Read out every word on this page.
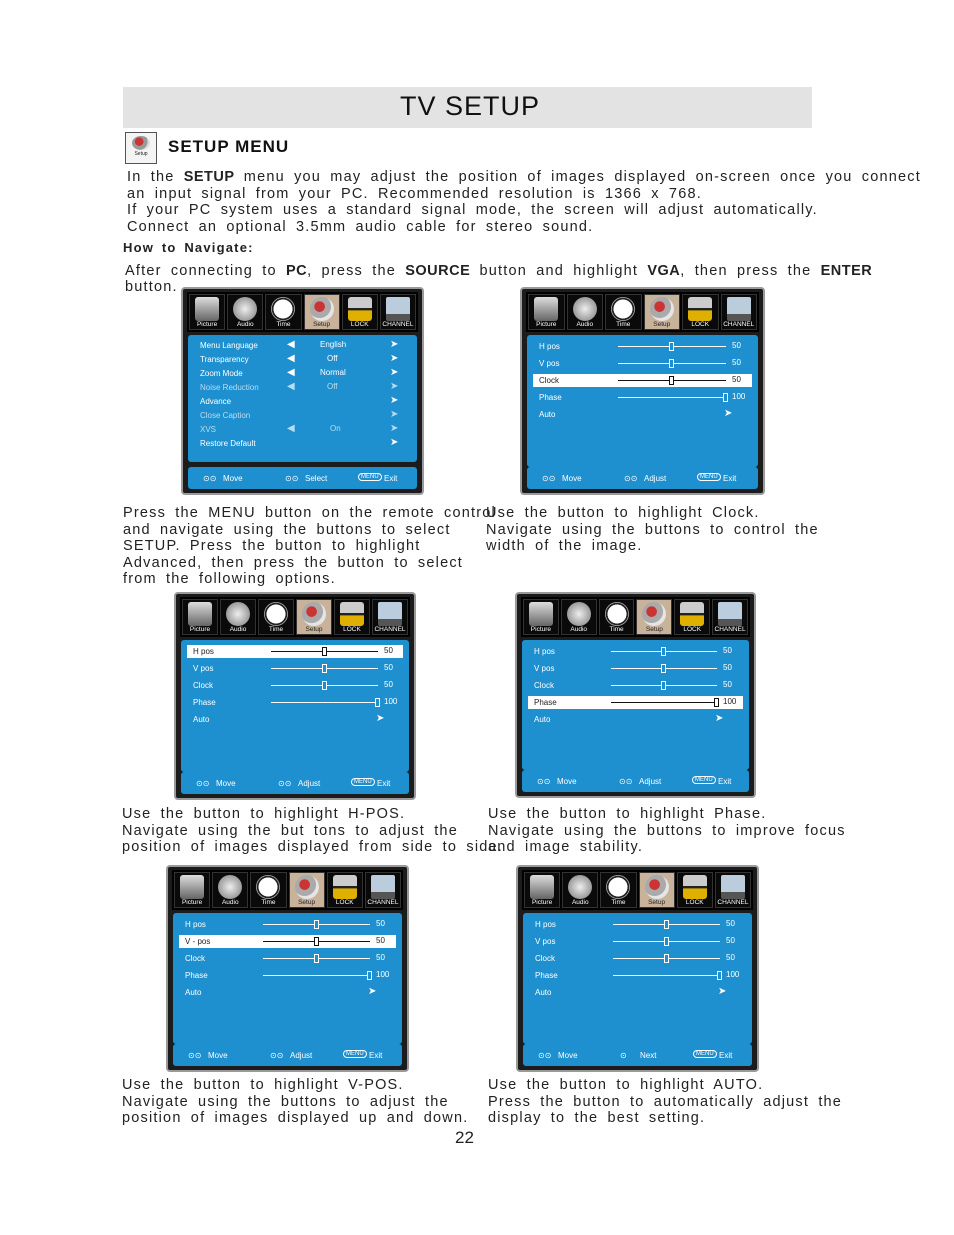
TV SETUP
Setup	SETUP MENU
In the SETUP menu you may adjust the position of images displayed on-screen once you connect
an input signal from your PC. Recommended resolution is 1366 x 768.
If your PC system uses a standard signal mode, the screen will adjust automatically.
Connect an optional 3.5mm audio cable for stereo sound.
How to Navigate:
After connecting to PC, press the SOURCE button and highlight VGA, then press the ENTER
button.
Picture	Audio	Time	Setup	LOCK	CHANNEL
Menu Language	◀	English	➤
Transparency	◀	Off	➤
Zoom Mode	◀	Normal	➤
Noise Reduction	◀	Off	➤
Advance	➤
Close Caption	➤
XVS	◀	On	➤
Restore Default	➤
⊙⊙ Move	⊙⊙ Select	MENU Exit
Picture	Audio	Time	Setup	LOCK	CHANNEL
H pos	50
V pos	50
Clock	50
Phase	100
Auto	➤
⊙⊙ Move	⊙⊙ Adjust	MENU Exit
Picture	Audio	Time	Setup	LOCK	CHANNEL
H pos	50
V pos	50
Clock	50
Phase	100
Auto	➤
⊙⊙ Move	⊙⊙ Adjust	MENU Exit
Picture	Audio	Time	Setup	LOCK	CHANNEL
H pos	50
V pos	50
Clock	50
Phase	100
Auto	➤
⊙⊙ Move	⊙⊙ Adjust	MENU Exit
Picture	Audio	Time	Setup	LOCK	CHANNEL
H pos	50
V - pos	50
Clock	50
Phase	100
Auto	➤
⊙⊙ Move	⊙⊙ Adjust	MENU Exit
Picture	Audio	Time	Setup	LOCK	CHANNEL
H pos	50
V pos	50
Clock	50
Phase	100
Auto	➤
⊙⊙ Move	⊙ Next	MENU Exit
Press the MENU button on the remote control
and navigate using the buttons to select
SETUP. Press the button to highlight
Advanced, then press the button to select
from the following options.
Use the button to highlight Clock.
Navigate using the buttons to control the
width of the image.
Use the button to highlight H-POS.
Navigate using the but tons to adjust the
position of images displayed from side to side.
Use the button to highlight Phase.
Navigate using the buttons to improve focus
and image stability.
Use the button to highlight V-POS.
Navigate using the buttons to adjust the
position of images displayed up and down.
Use the button to highlight AUTO.
Press the button to automatically adjust the
display to the best setting.
22
